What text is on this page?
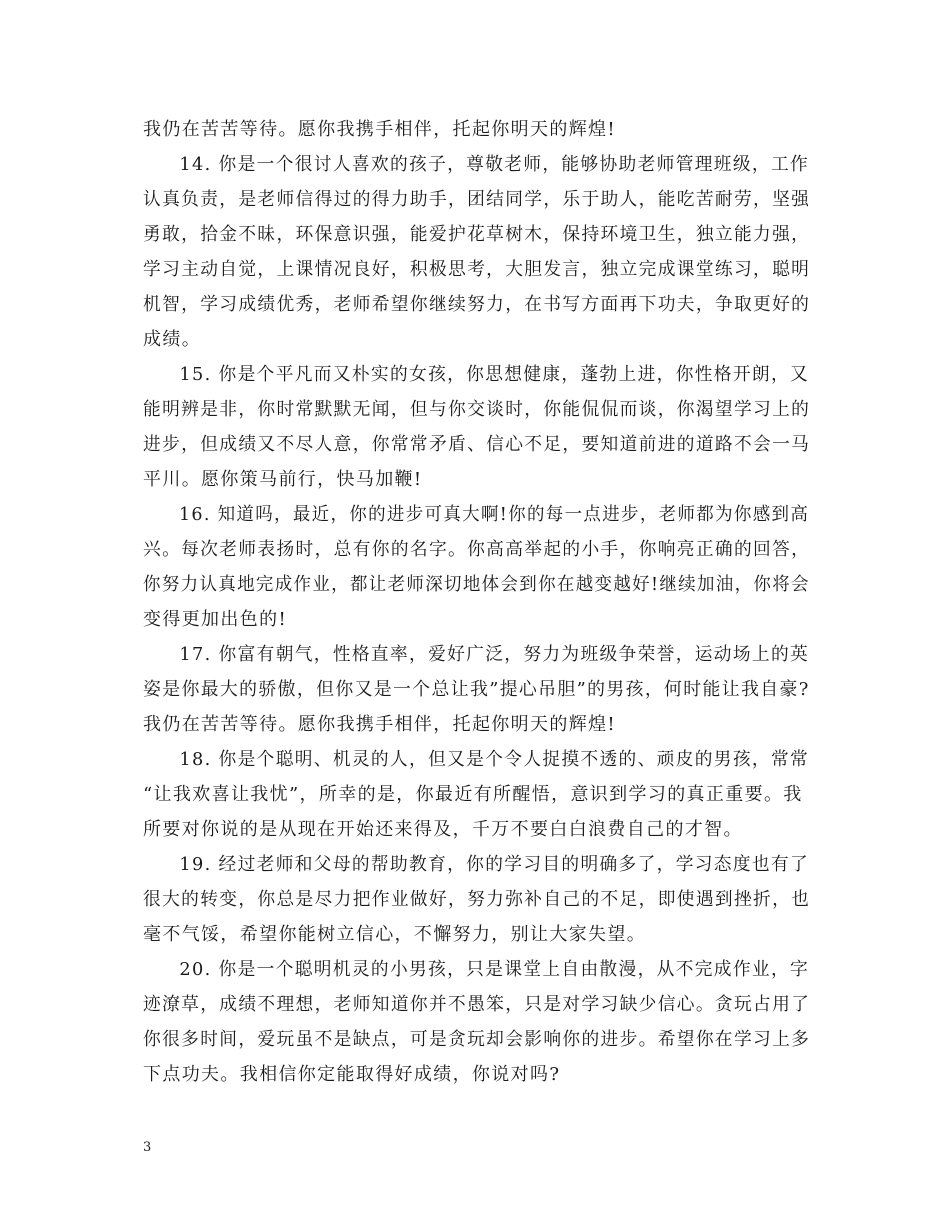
我仍在苦苦等待。愿你我携手相伴，托起你明天的辉煌!
14. 你是一个很讨人喜欢的孩子，尊敬老师，能够协助老师管理班级，工作
认真负责，是老师信得过的得力助手，团结同学，乐于助人，能吃苦耐劳，坚强
勇敢，拾金不昧，环保意识强，能爱护花草树木，保持环境卫生，独立能力强，
学习主动自觉，上课情况良好，积极思考，大胆发言，独立完成课堂练习，聪明
机智，学习成绩优秀，老师希望你继续努力，在书写方面再下功夫，争取更好的
成绩。
15. 你是个平凡而又朴实的女孩，你思想健康，蓬勃上进，你性格开朗，又
能明辨是非，你时常默默无闻，但与你交谈时，你能侃侃而谈，你渴望学习上的
进步，但成绩又不尽人意，你常常矛盾、信心不足，要知道前进的道路不会一马
平川。愿你策马前行，快马加鞭!
16. 知道吗，最近，你的进步可真大啊!你的每一点进步，老师都为你感到高
兴。每次老师表扬时，总有你的名字。你高高举起的小手，你响亮正确的回答，
你努力认真地完成作业，都让老师深切地体会到你在越变越好!继续加油，你将会
变得更加出色的!
17. 你富有朝气，性格直率，爱好广泛，努力为班级争荣誉，运动场上的英
姿是你最大的骄傲，但你又是一个总让我”提心吊胆”的男孩，何时能让我自豪?
我仍在苦苦等待。愿你我携手相伴，托起你明天的辉煌!
18. 你是个聪明、机灵的人，但又是个令人捉摸不透的、顽皮的男孩，常常
“让我欢喜让我忧”，所幸的是，你最近有所醒悟，意识到学习的真正重要。我
所要对你说的是从现在开始还来得及，千万不要白白浪费自己的才智。
19. 经过老师和父母的帮助教育，你的学习目的明确多了，学习态度也有了
很大的转变，你总是尽力把作业做好，努力弥补自己的不足，即使遇到挫折，也
毫不气馁，希望你能树立信心，不懈努力，别让大家失望。
20. 你是一个聪明机灵的小男孩，只是课堂上自由散漫，从不完成作业，字
迹潦草，成绩不理想，老师知道你并不愚笨，只是对学习缺少信心。贪玩占用了
你很多时间，爱玩虽不是缺点，可是贪玩却会影响你的进步。希望你在学习上多
下点功夫。我相信你定能取得好成绩，你说对吗?
3
